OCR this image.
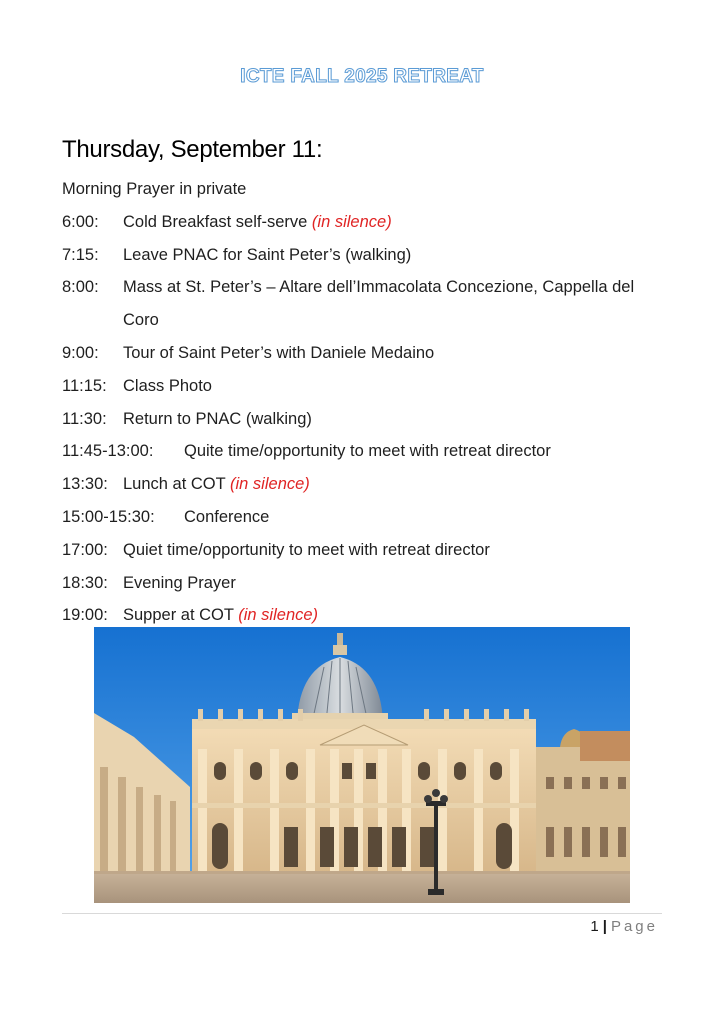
ICTE FALL 2025 RETREAT
Thursday, September 11:
Morning Prayer in private
6:00:	Cold Breakfast self-serve (in silence)
7:15:	Leave PNAC for Saint Peter’s (walking)
8:00:	Mass at St. Peter’s – Altare dell’Immacolata Concezione, Cappella del Coro
9:00:	Tour of Saint Peter’s with Daniele Medaino
11:15: Class Photo
11:30: Return to PNAC (walking)
11:45-13:00:	Quite time/opportunity to meet with retreat director
13:30: Lunch at COT (in silence)
15:00-15:30:	Conference
17:00: Quiet time/opportunity to meet with retreat director
18:30: Evening Prayer
19:00: Supper at COT (in silence)
1 | Page
